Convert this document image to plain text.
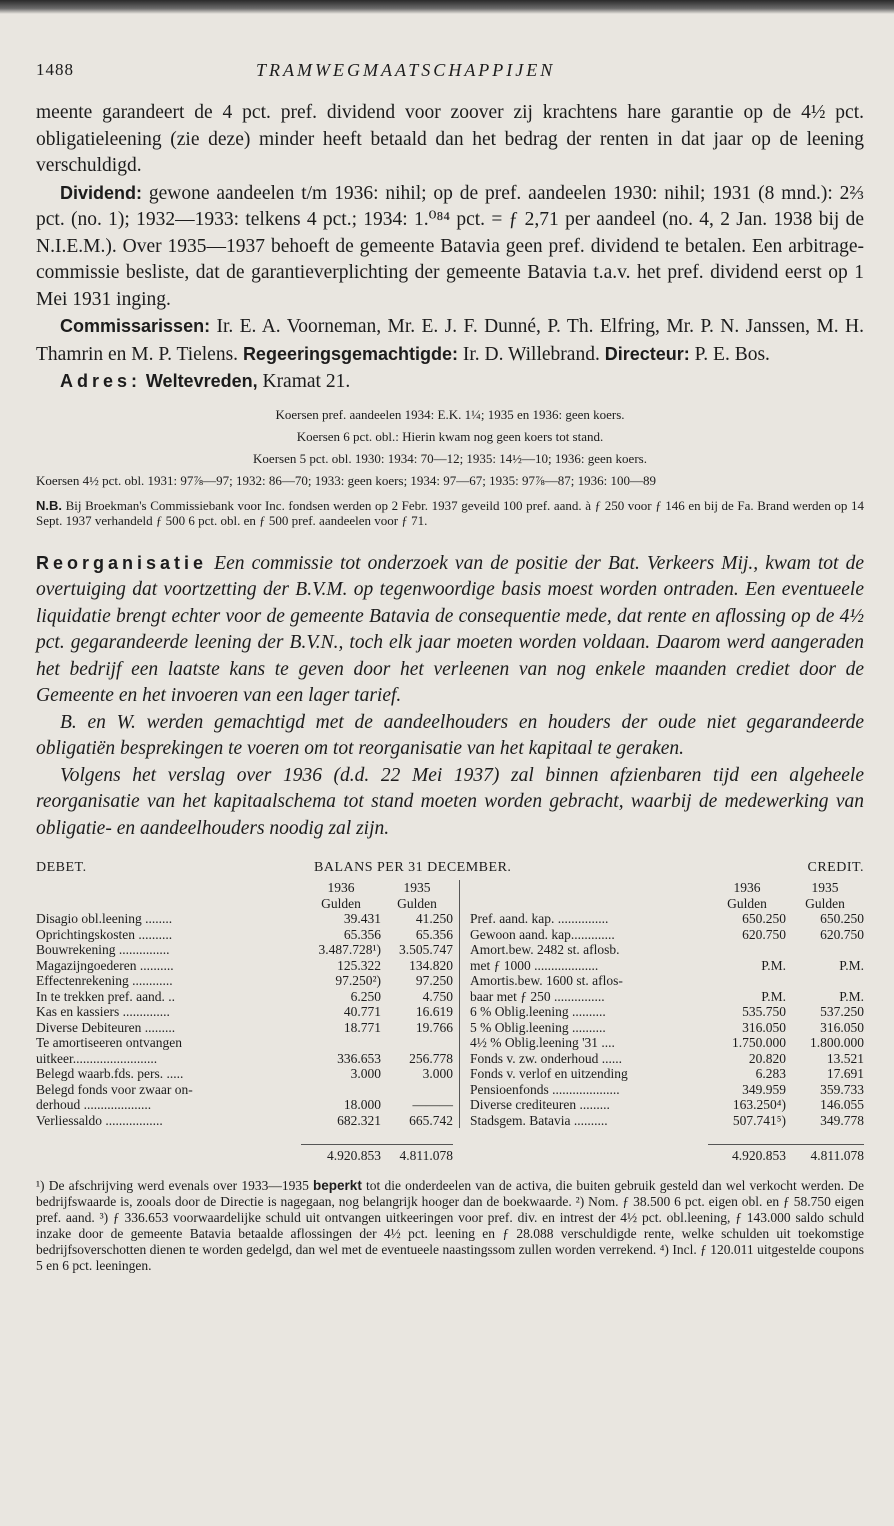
1488	TRAMWEGMAATSCHAPPIJEN

meente garandeert de 4 pct. pref. dividend voor zoover zij krachtens hare garantie op de 4½ pct. obligatieleening (zie deze) minder heeft betaald dan het bedrag der renten in dat jaar op de leening verschuldigd.

Dividend: gewone aandeelen t/m 1936: nihil; op de pref. aandeelen 1930: nihil; 1931 (8 mnd.): 2⅔ pct. (no. 1); 1932—1933: telkens 4 pct.; 1934: 1.⁰⁸⁴ pct. = ƒ 2,71 per aandeel (no. 4, 2 Jan. 1938 bij de N.I.E.M.). Over 1935—1937 behoeft de gemeente Batavia geen pref. dividend te betalen. Een arbitrage-commissie besliste, dat de garantieverplichting der gemeente Batavia t.a.v. het pref. dividend eerst op 1 Mei 1931 inging.

Commissarissen: Ir. E. A. Voorneman, Mr. E. J. F. Dunné, P. Th. Elfring, Mr. P. N. Janssen, M. H. Thamrin en M. P. Tielens. Regeeringsgemachtigde: Ir. D. Willebrand. Directeur: P. E. Bos.

Adres: Weltevreden, Kramat 21.

Koersen pref. aandeelen 1934: E.K. 1¼; 1935 en 1936: geen koers.
Koersen 6 pct. obl.: Hierin kwam nog geen koers tot stand.
Koersen 5 pct. obl. 1930: 1934: 70—12; 1935: 14½—10; 1936: geen koers.
Koersen 4½ pct. obl. 1931: 97⅞—97; 1932: 86—70; 1933: geen koers; 1934: 97—67; 1935: 97⅞—87; 1936: 100—89
N.B. Bij Broekman's Commissiebank voor Inc. fondsen werden op 2 Febr. 1937 geveild 100 pref. aand. à ƒ 250 voor ƒ 146 en bij de Fa. Brand werden op 14 Sept. 1937 verhandeld ƒ 500 6 pct. obl. en ƒ 500 pref. aandeelen voor ƒ 71.

Reorganisatie Een commissie tot onderzoek van de positie der Bat. Verkeers Mij., kwam tot de overtuiging dat voortzetting der B.V.M. op tegenwoordige basis moest worden ontraden. Een eventueele liquidatie brengt echter voor de gemeente Batavia de consequentie mede, dat rente en aflossing op de 4½ pct. gegarandeerde leening der B.V.N., toch elk jaar moeten worden voldaan. Daarom werd aangeraden het bedrijf een laatste kans te geven door het verleenen van nog enkele maanden crediet door de Gemeente en het invoeren van een lager tarief.

B. en W. werden gemachtigd met de aandeelhouders en houders der oude niet gegarandeerde obligatiën besprekingen te voeren om tot reorganisatie van het kapitaal te geraken.

Volgens het verslag over 1936 (d.d. 22 Mei 1937) zal binnen afzienbaren tijd een algeheele reorganisatie van het kapitaalschema tot stand moeten worden gebracht, waarbij de medewerking van obligatie- en aandeelhouders noodig zal zijn.

DEBET.	BALANS PER 31 DECEMBER.	CREDIT.
1936	1935
Gulden	Gulden
Disagio obl.leening ........	39.431	41.250
Oprichtingskosten ..........	65.356	65.356
Bouwrekening ...............	3.487.728¹)	3.505.747
Magazijngoederen ..........	125.322	134.820
Effectenrekening ............	97.250²)	97.250
In te trekken pref. aand. ..	6.250	4.750
Kas en kassiers ..............	40.771	16.619
Diverse Debiteuren .........	18.771	19.766
Te amortiseeren ontvangen
uitkeer.........................	336.653	256.778
Belegd waarb.fds. pers. .....	3.000	3.000
Belegd fonds voor zwaar on-
derhoud ....................	18.000	———
Verliessaldo .................	682.321	665.742
1936	1935
Gulden	Gulden
Pref. aand. kap. ...............	650.250	650.250
Gewoon aand. kap.............	620.750	620.750
Amort.bew. 2482 st. aflosb.
met ƒ 1000 ...................	P.M.	P.M.
Amortis.bew. 1600 st. aflos-
baar met ƒ 250 ...............	P.M.	P.M.
6 % Oblig.leening ..........	535.750	537.250
5 % Oblig.leening ..........	316.050	316.050
4½ % Oblig.leening '31 ....	1.750.000	1.800.000
Fonds v. zw. onderhoud ......	20.820	13.521
Fonds v. verlof en uitzending	6.283	17.691
Pensioenfonds ....................	349.959	359.733
Diverse crediteuren .........	163.250⁴)	146.055
Stadsgem. Batavia ..........	507.741⁵)	349.778
4.920.853	4.811.078	4.920.853	4.811.078
¹) De afschrijving werd evenals over 1933—1935 beperkt tot die onderdeelen van de activa, die buiten gebruik gesteld dan wel verkocht werden. De bedrijfswaarde is, zooals door de Directie is nagegaan, nog belangrijk hooger dan de boekwaarde. ²) Nom. ƒ 38.500 6 pct. eigen obl. en ƒ 58.750 eigen pref. aand. ³) ƒ 336.653 voorwaardelijke schuld uit ontvangen uitkeeringen voor pref. div. en intrest der 4½ pct. obl.leening, ƒ 143.000 saldo schuld inzake door de gemeente Batavia betaalde aflossingen der 4½ pct. leening en ƒ 28.088 verschuldigde rente, welke schulden uit toekomstige bedrijfsoverschotten dienen te worden gedelgd, dan wel met de eventueele naastingssom zullen worden verrekend. ⁴) Incl. ƒ 120.011 uitgestelde coupons 5 en 6 pct. leeningen.
